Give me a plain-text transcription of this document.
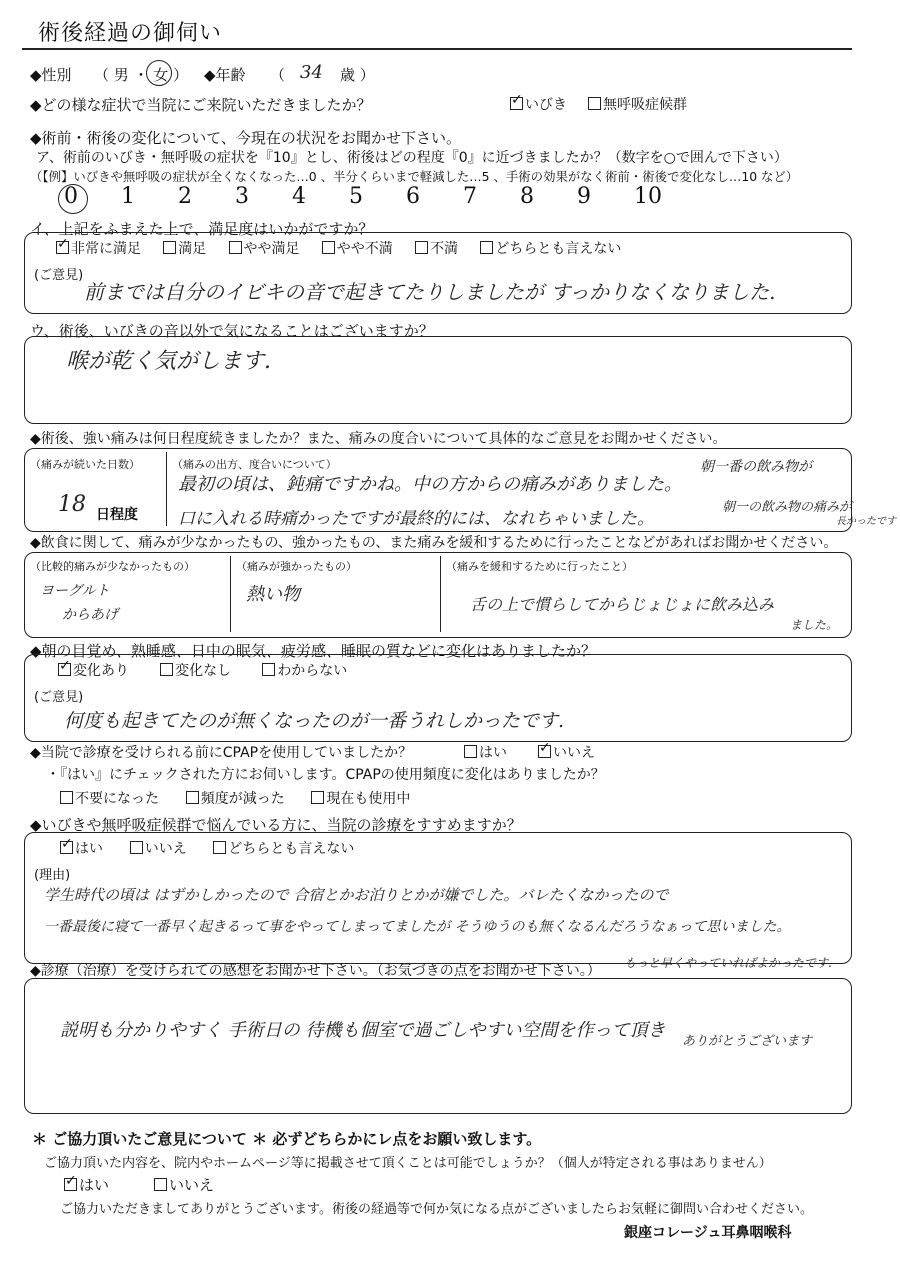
術後経過の御伺い
◆性別 （ 男 ・ 女 ） ◆年齢 （ 34 歳 ）
◆どの様な症状で当院にご来院いただきましたか？ ✓	いびき	無呼吸症候群
◆術前・術後の変化について、今現在の状況をお聞かせ下さい。
ア、術前のいびき・無呼吸の症状を『10』とし、術後はどの程度『0』に近づきましたか？（数字を○で囲んで下さい）
（【例】いびきや無呼吸の症状が全くなくなった…0 、半分くらいまで軽減した…5 、手術の効果がなく術前・術後で変化なし…10 など）
0 1 2 3 4 5 6 7 8 9 10
イ、上記をふまえた上で、満足度はいかがですか？
✓非常に満足	満足	やや満足	やや不満	不満	どちらとも言えない
(ご意見)
前までは自分のイビキの音で起きてたりしましたが すっかりなくなりました.
ウ、術後、いびきの音以外で気になることはございますか？
喉が乾く気がします.
◆術後、強い痛みは何日程度続きましたか？また、痛みの度合いについて具体的なご意見をお聞かせください。
（痛みが続いた日数）
18 日程度
（痛みの出方、度合いについて）
最初の頃は、鈍痛ですかね。中の方からの痛みがありました。
朝一番の飲み物が
口に入れる時痛かったですが最終的には、なれちゃいました。
朝一の飲み物の痛みが
長かったです
◆飲食に関して、痛みが少なかったもの、強かったもの、また痛みを緩和するために行ったことなどがあればお聞かせください。
（比較的痛みが少なかったもの）
ヨーグルト
からあげ
（痛みが強かったもの）
熱い物
（痛みを緩和するために行ったこと）
舌の上で慣らしてからじょじょに飲み込み
ました。
◆朝の目覚め、熟睡感、日中の眠気、疲労感、睡眠の質などに変化はありましたか？
✓変化あり	変化なし	わからない
(ご意見)
何度も起きてたのが無くなったのが一番うれしかったです.
◆当院で診療を受けられる前にCPAPを使用していましたか？	はい ✓	いいえ
・『はい』にチェックされた方にお伺いします。CPAPの使用頻度に変化はありましたか？
不要になった	頻度が減った	現在も使用中
◆いびきや無呼吸症候群で悩んでいる方に、当院の診療をすすめますか？
✓はい	いいえ	どちらとも言えない
(理由)
学生時代の頃は はずかしかったので 合宿とかお泊りとかが嫌でした。バレたくなかったので
一番最後に寝て一番早く起きるって事をやってしまってましたが そうゆうのも無くなるんだろうなぁって思いました。
もっと早くやっていればよかったです.
◆診療（治療）を受けられての感想をお聞かせ下さい。（お気づきの点をお聞かせ下さい。）
説明も分かりやすく 手術日の 待機も個室で過ごしやすい空間を作って頂き
ありがとうございます
＊ ご協力頂いたご意見について ＊ 必ずどちらかにレ点をお願い致します。
ご協力頂いた内容を、院内やホームページ等に掲載させて頂くことは可能でしょうか？（個人が特定される事はありません）
✓はい	いいえ
ご協力いただきましてありがとうございます。術後の経過等で何か気になる点がございましたらお気軽に御問い合わせください。
銀座コレージュ耳鼻咽喉科
